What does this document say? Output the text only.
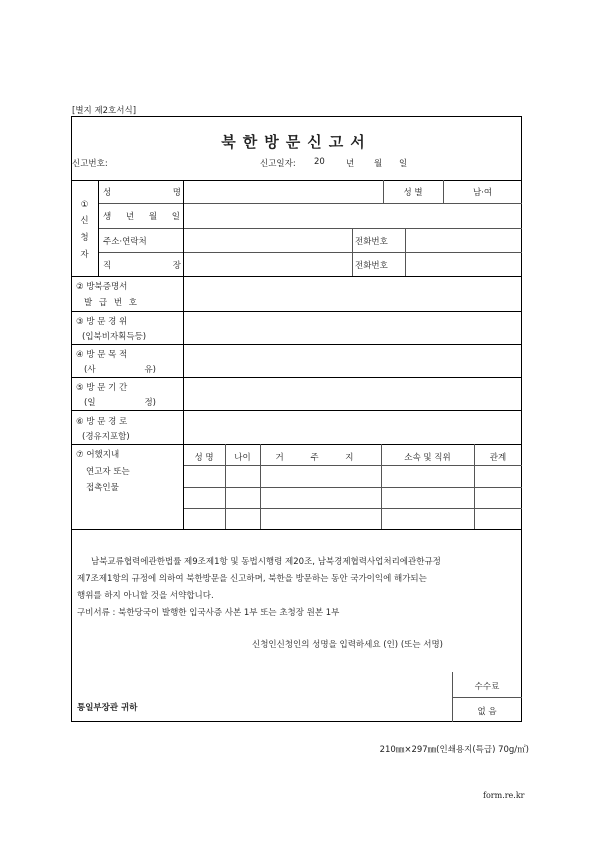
[별지 제2호서식]
북한방문신고서
신고번호:	신고일자: 20 년 월 일
①
신
청
자
성 명	성 별	남·여
생 년 월 일
주소·연락처	전화번호
직 장	전화번호
② 방북증명서
발 급 번 호
③ 방 문 경 위
(입북비자획득등)
④ 방 문 목 적
(사 유)
⑤ 방 문 기 간
(일 정)
⑥ 방 문 경 로
(경유지포함)
⑦ 어했지내
연고자 또는
접촉인물
성 명	나이	거 주 지	소속 및 직위	관계
남북교류협력에관한법률 제9조제1항 및 동법시행령 제20조, 남북경제협력사업처리에관한규정
제7조제1항의 규정에 의하여 북한방문을 신고하며, 북한을 방문하는 동안 국가이익에 해가되는
행위를 하지 아니할 것을 서약합니다.
구비서류 : 북한당국이 발행한 입국사증 사본 1부 또는 초청장 원본 1부
신청인신청인의 성명을 입력하세요 (인) (또는 서명)
통일부장관 귀하
수수료
없 음
210㎜×297㎜(인쇄용지(특급) 70g/㎡)
form.re.kr
